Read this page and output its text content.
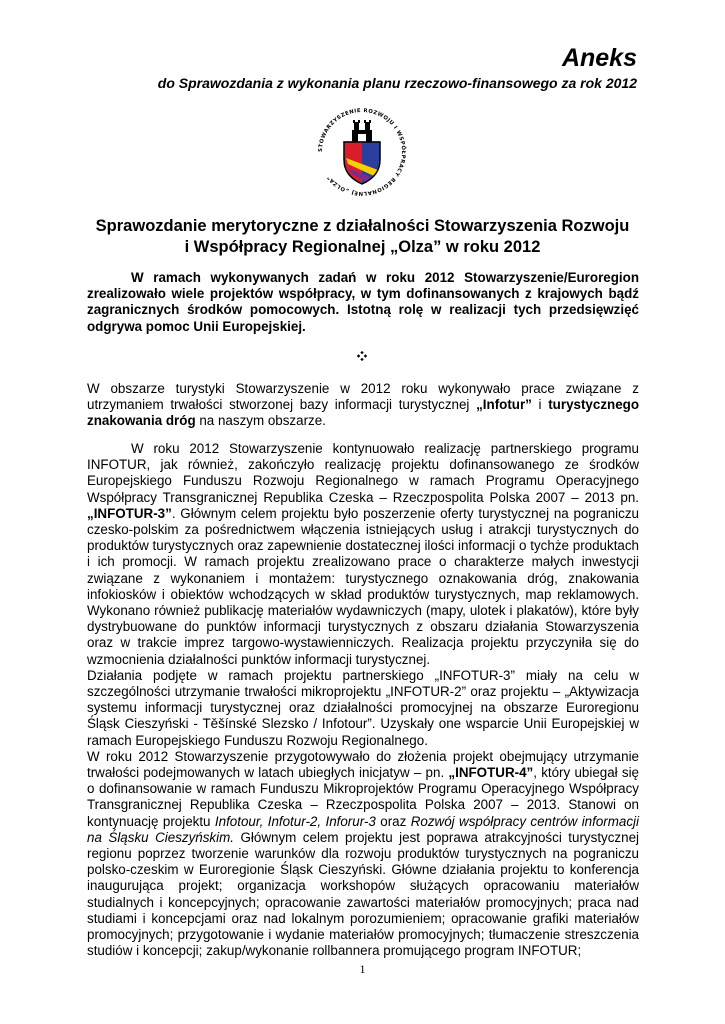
Aneks

do Sprawozdania z wykonania planu rzeczowo-finansowego za rok 2012

STOWARZYSZENIE ROZWOJU I WSPÓŁPRACY REGIONALNEJ „OLZA”
Sprawozdanie merytoryczne z działalności Stowarzyszenia Rozwoju
i Współpracy Regionalnej „Olza” w roku 2012
W ramach wykonywanych zadań w roku 2012 Stowarzyszenie/Euroregion zrealizowało wiele projektów współpracy, w tym dofinansowanych z krajowych bądź zagranicznych środków pomocowych. Istotną rolę w realizacji tych przedsięwzięć odgrywa pomoc Unii Europejskiej.
W obszarze turystyki Stowarzyszenie w 2012 roku wykonywało prace związane z utrzymaniem trwałości stworzonej bazy informacji turystycznej „Infotur” i turystycznego znakowania dróg na naszym obszarze.

W roku 2012 Stowarzyszenie kontynuowało realizację partnerskiego programu INFOTUR, jak również, zakończyło realizację projektu dofinansowanego ze środków Europejskiego Funduszu Rozwoju Regionalnego w ramach Programu Operacyjnego Współpracy Transgranicznej Republika Czeska – Rzeczpospolita Polska 2007 – 2013 pn. „INFOTUR-3”. Głównym celem projektu było poszerzenie oferty turystycznej na pograniczu czesko-polskim za pośrednictwem włączenia istniejących usług i atrakcji turystycznych do produktów turystycznych oraz zapewnienie dostatecznej ilości informacji o tychże produktach i ich promocji. W ramach projektu zrealizowano prace o charakterze małych inwestycji związane z wykonaniem i montażem: turystycznego oznakowania dróg, znakowania infokiosków i obiektów wchodzących w skład produktów turystycznych, map reklamowych. Wykonano również publikację materiałów wydawniczych (mapy, ulotek i plakatów), które były dystrybuowane do punktów informacji turystycznych z obszaru działania Stowarzyszenia oraz w trakcie imprez targowo-wystawienniczych. Realizacja projektu przyczyniła się do wzmocnienia działalności punktów informacji turystycznej.

Działania podjęte w ramach projektu partnerskiego „INFOTUR-3” miały na celu w szczególności utrzymanie trwałości mikroprojektu „INFOTUR-2” oraz projektu – „Aktywizacja systemu informacji turystycznej oraz działalności promocyjnej na obszarze Euroregionu Śląsk Cieszyński - Těšínské Slezsko / Infotour”. Uzyskały one wsparcie Unii Europejskiej w ramach Europejskiego Funduszu Rozwoju Regionalnego.

W roku 2012 Stowarzyszenie przygotowywało do złożenia projekt obejmujący utrzymanie trwałości podejmowanych w latach ubiegłych inicjatyw – pn. „INFOTUR-4”, który ubiegał się o dofinansowanie w ramach Funduszu Mikroprojektów Programu Operacyjnego Współpracy Transgranicznej Republika Czeska – Rzeczpospolita Polska 2007 – 2013. Stanowi on kontynuację projektu Infotour, Infotur-2, Inforur-3 oraz Rozwój współpracy centrów informacji na Śląsku Cieszyńskim. Głównym celem projektu jest poprawa atrakcyjności turystycznej regionu poprzez tworzenie warunków dla rozwoju produktów turystycznych na pograniczu polsko-czeskim w Euroregionie Śląsk Cieszyński. Główne działania projektu to konferencja inaugurująca projekt; organizacja workshopów służących opracowaniu materiałów studialnych i koncepcyjnych; opracowanie zawartości materiałów promocyjnych; praca nad studiami i koncepcjami oraz nad lokalnym porozumieniem; opracowanie grafiki materiałów promocyjnych; przygotowanie i wydanie materiałów promocyjnych; tłumaczenie streszczenia studiów i koncepcji; zakup/wykonanie rollbannera promującego program INFOTUR;

1
